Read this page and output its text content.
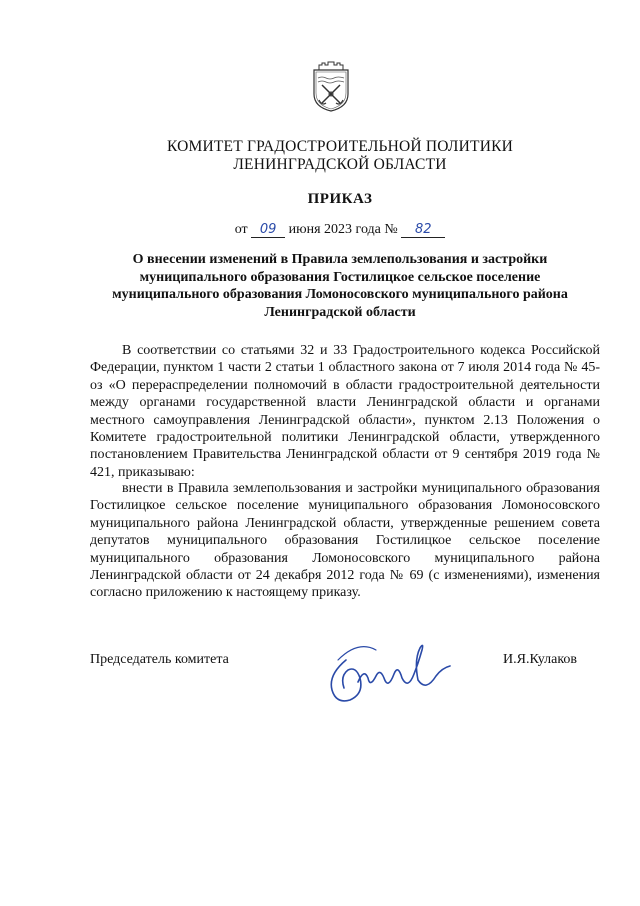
КОМИТЕТ ГРАДОСТРОИТЕЛЬНОЙ ПОЛИТИКИ
ЛЕНИНГРАДСКОЙ ОБЛАСТИ
ПРИКАЗ
от 09 июня 2023 года № 82
О внесении изменений в Правила землепользования и застройки
муниципального образования Гостилицкое сельское поселение
муниципального образования Ломоносовского муниципального района
Ленинградской области
В соответствии со статьями 32 и 33 Градостроительного кодекса Российской Федерации, пунктом 1 части 2 статьи 1 областного закона от 7 июля 2014 года № 45-оз «О перераспределении полномочий в области градостроительной деятельности между органами государственной власти Ленинградской области и органами местного самоуправления Ленинградской области», пунктом 2.13 Положения о Комитете градостроительной политики Ленинградской области, утвержденного постановлением Правительства Ленинградской области от 9 сентября 2019 года № 421, приказываю:
внести в Правила землепользования и застройки муниципального образования Гостилицкое сельское поселение муниципального образования Ломоносовского муниципального района Ленинградской области, утвержденные решением совета депутатов муниципального образования Гостилицкое сельское поселение муниципального образования Ломоносовского муниципального района Ленинградской области от 24 декабря 2012 года № 69 (с изменениями), изменения согласно приложению к настоящему приказу.
Председатель комитета	И.Я.Кулаков
